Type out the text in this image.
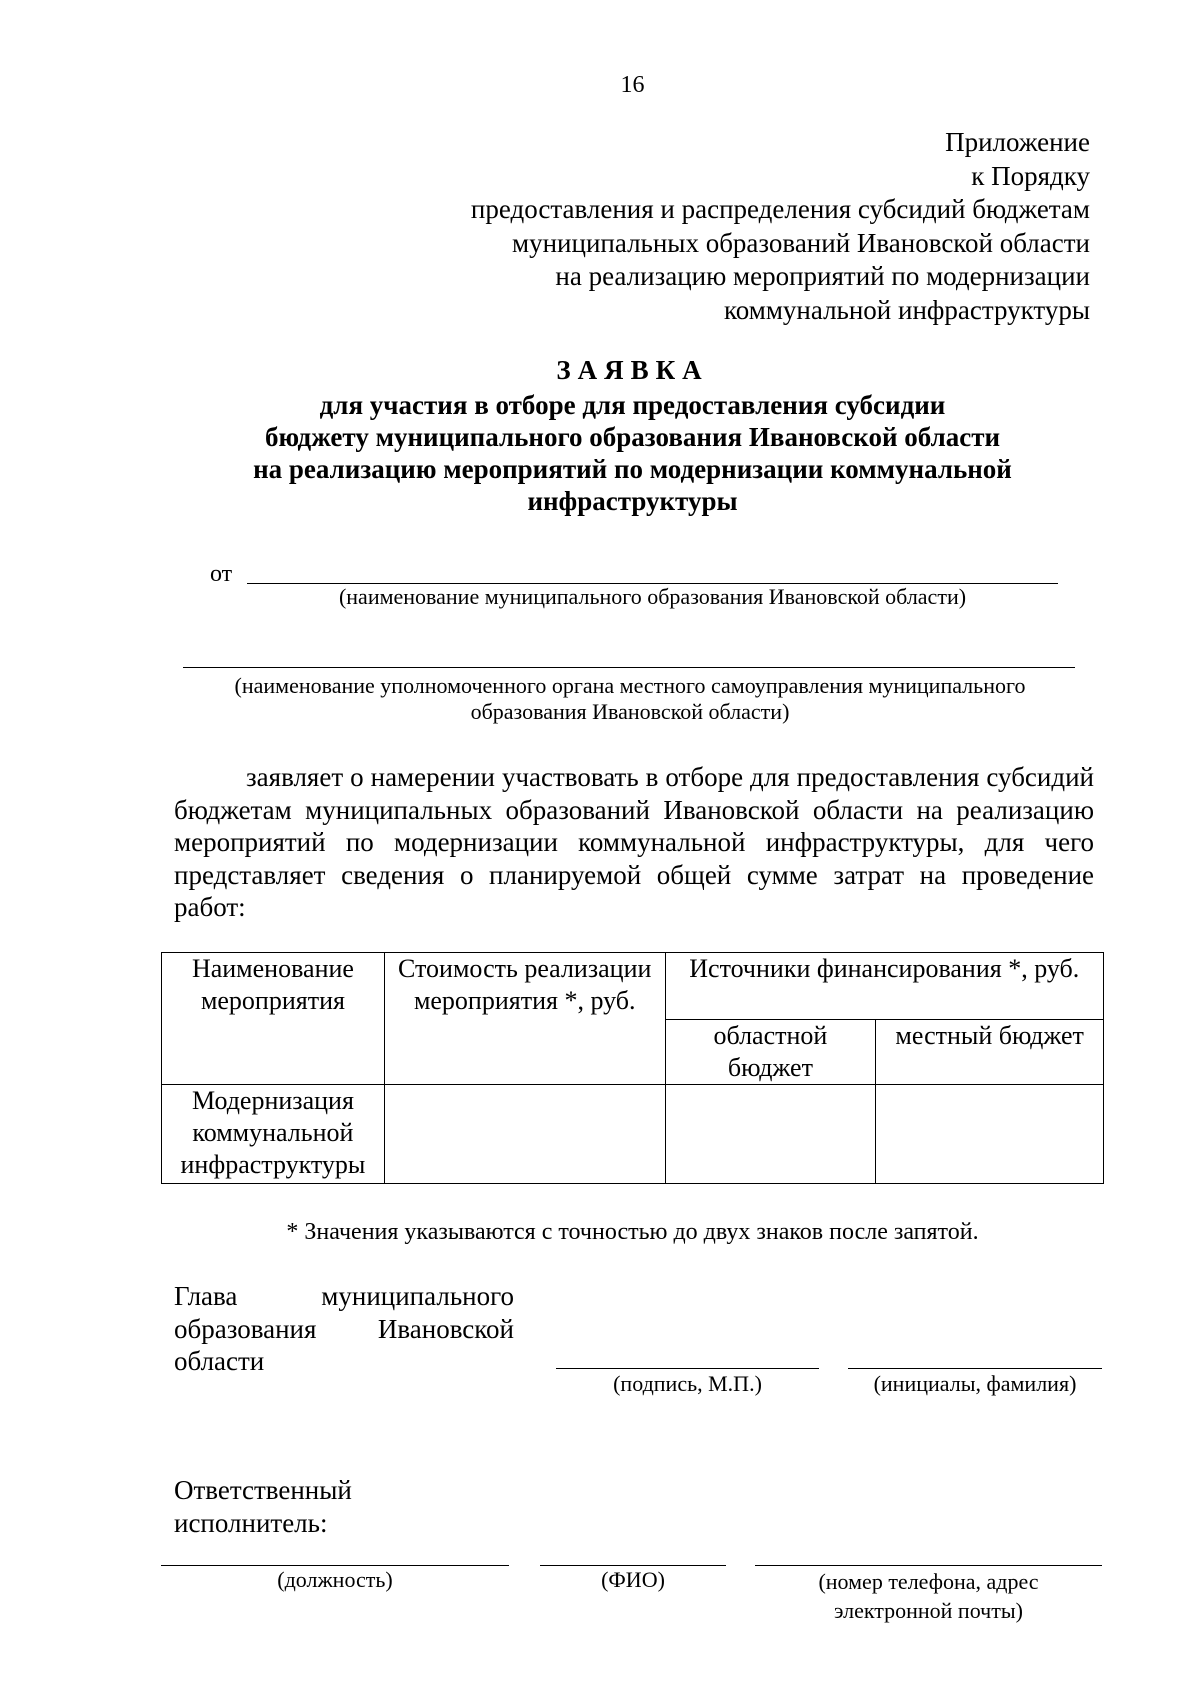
16
Приложение
к Порядку
предоставления и распределения субсидий бюджетам
муниципальных образований Ивановской области
на реализацию мероприятий по модернизации
коммунальной инфраструктуры
ЗАЯВКА
для участия в отборе для предоставления субсидии
бюджету муниципального образования Ивановской области
на реализацию мероприятий по модернизации коммунальной
инфраструктуры
от
(наименование муниципального образования Ивановской области)
(наименование уполномоченного органа местного самоуправления муниципального
образования Ивановской области)
заявляет о намерении участвовать в отборе для предоставления субсидий бюджетам муниципальных образований Ивановской области на реализацию мероприятий по модернизации коммунальной инфраструктуры, для чего представляет сведения о планируемой общей сумме затрат на проведение работ:
Наименование мероприятия	Стоимость реализации мероприятия *, руб.	Источники финансирования *, руб.	
		областной бюджет	местный бюджет
Модернизация коммунальной инфраструктуры			
* Значения указываются с точностью до двух знаков после запятой.
Глава	муниципального
образования Ивановской
области
(подпись, М.П.)	(инициалы, фамилия)
Ответственный
исполнитель:
(должность)	(ФИО)	(номер телефона, адрес
электронной почты)
